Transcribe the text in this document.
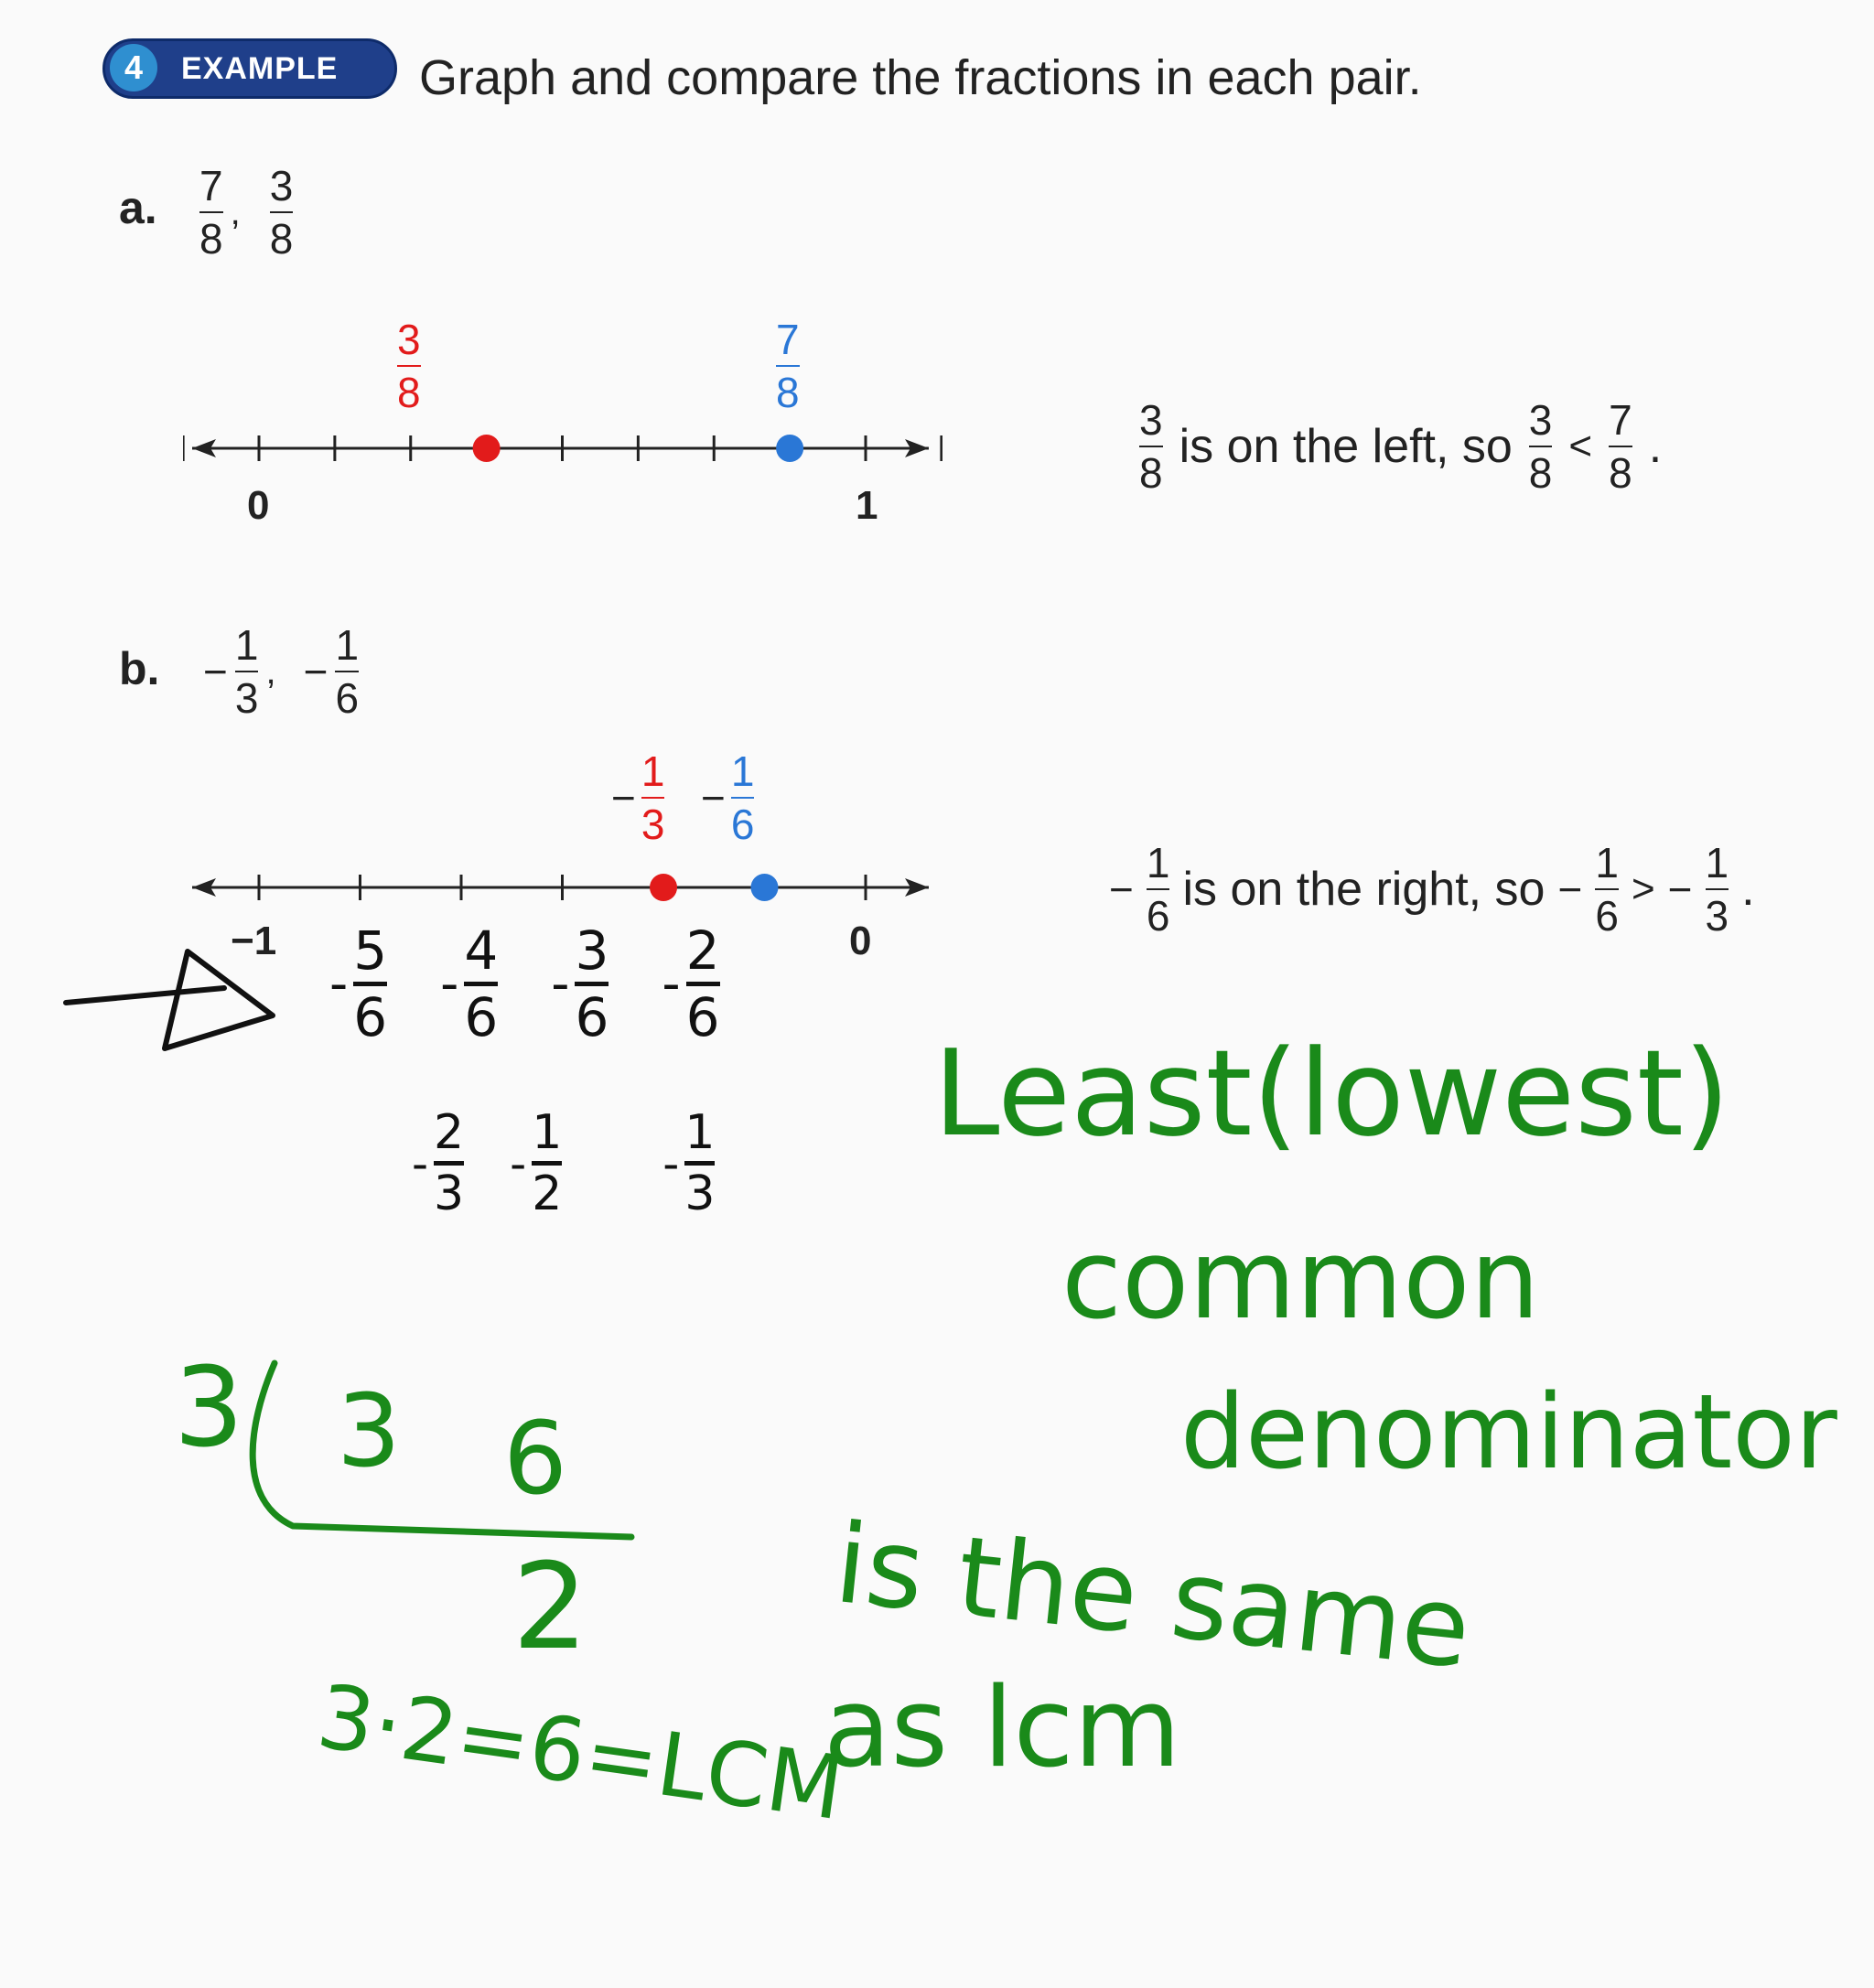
4	EXAMPLE Graph and compare the fractions in each pair.
a. $\frac{7}{8}$ , $\frac{3}{8}$
0	1
3
8
7
8
$\frac{3}{8}$ is on the left, so $\frac{3}{8} < \frac{7}{8}$ .
b. − $\frac{1}{3}$ , − $\frac{1}{6}$
−1	0
− $\frac{1}{3} - \frac{1}{6}$
− $\frac{1}{6}$ is on the right, so − $\frac{1}{6}$ > − $\frac{1}{3}$ .
-
5
6
-
4
6
-
3
6
-
2
6
-
2
3
-
1
2
-
1
3
Least(lowest)
common
denominator
is the same
as lcm
3 3 6
2
3·2=6=LCM
